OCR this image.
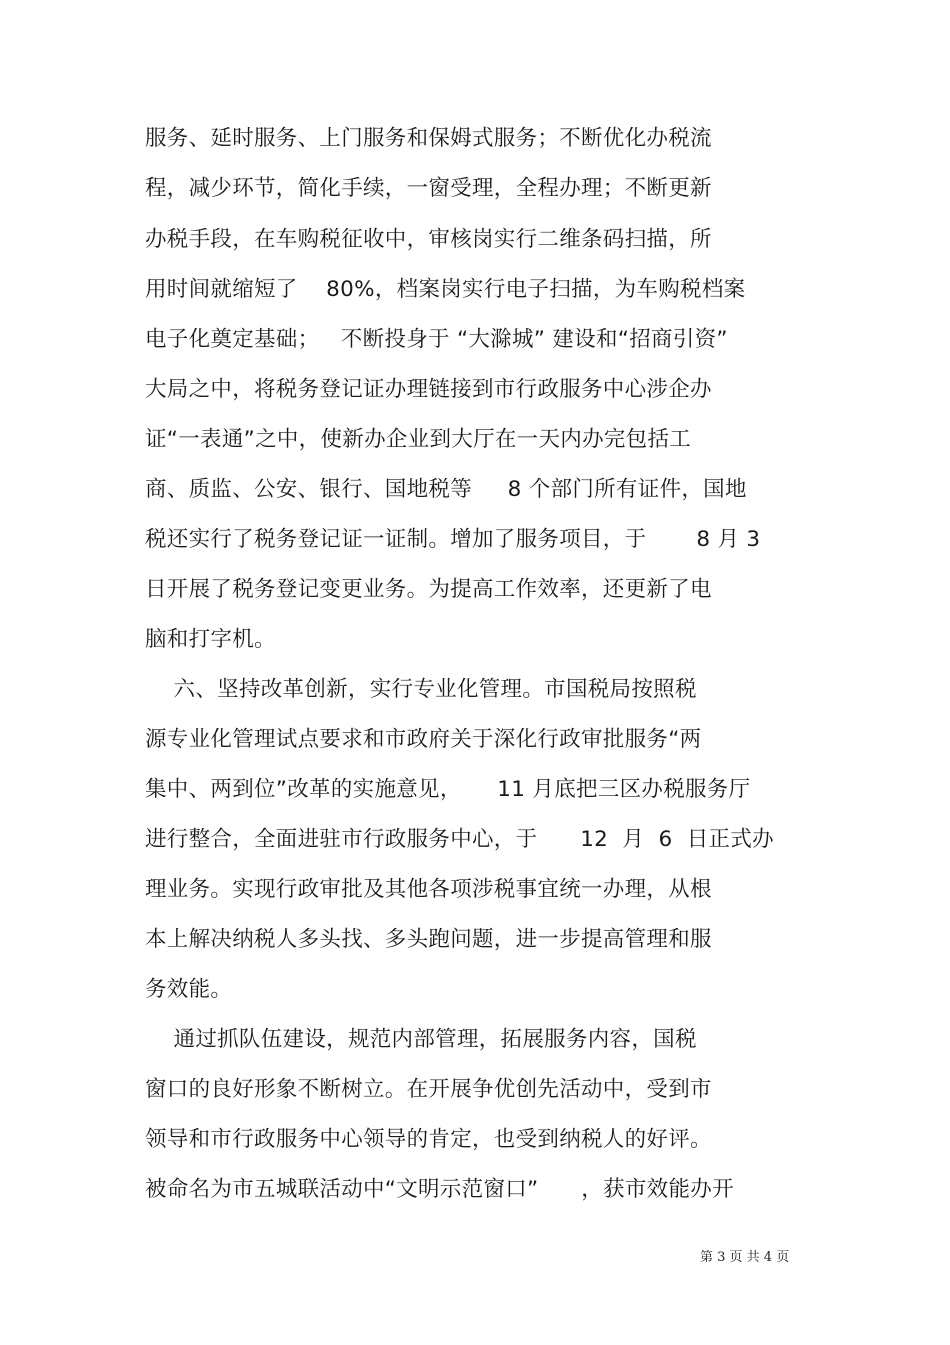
服务、延时服务、上门服务和保姆式服务；不断优化办税流
程，减少环节，简化手续，一窗受理，全程办理；不断更新
办税手段，在车购税征收中，审核岗实行二维条码扫描，所
用时间就缩短了    80%，档案岗实行电子扫描，为车购税档案
电子化奠定基础；   不断投身于 “大滁城” 建设和“招商引资”
大局之中，将税务登记证办理链接到市行政服务中心涉企办
证“一表通”之中，使新办企业到大厅在一天内办完包括工
商、质监、公安、银行、国地税等     8 个部门所有证件，国地
税还实行了税务登记证一证制。增加了服务项目，于       8 月 3
日开展了税务登记变更业务。为提高工作效率，还更新了电
脑和打字机。
六、坚持改革创新，实行专业化管理。市国税局按照税
源专业化管理试点要求和市政府关于深化行政审批服务“两
集中、两到位”改革的实施意见，     11 月底把三区办税服务厅
进行整合，全面进驻市行政服务中心，于      12  月  6  日正式办
理业务。实现行政审批及其他各项涉税事宜统一办理，从根
本上解决纳税人多头找、多头跑问题，进一步提高管理和服
务效能。
通过抓队伍建设，规范内部管理，拓展服务内容，国税
窗口的良好形象不断树立。在开展争优创先活动中，受到市
领导和市行政服务中心领导的肯定，也受到纳税人的好评。
被命名为市五城联活动中“文明示范窗口”      ，获市效能办开
第 3 页 共 4 页
